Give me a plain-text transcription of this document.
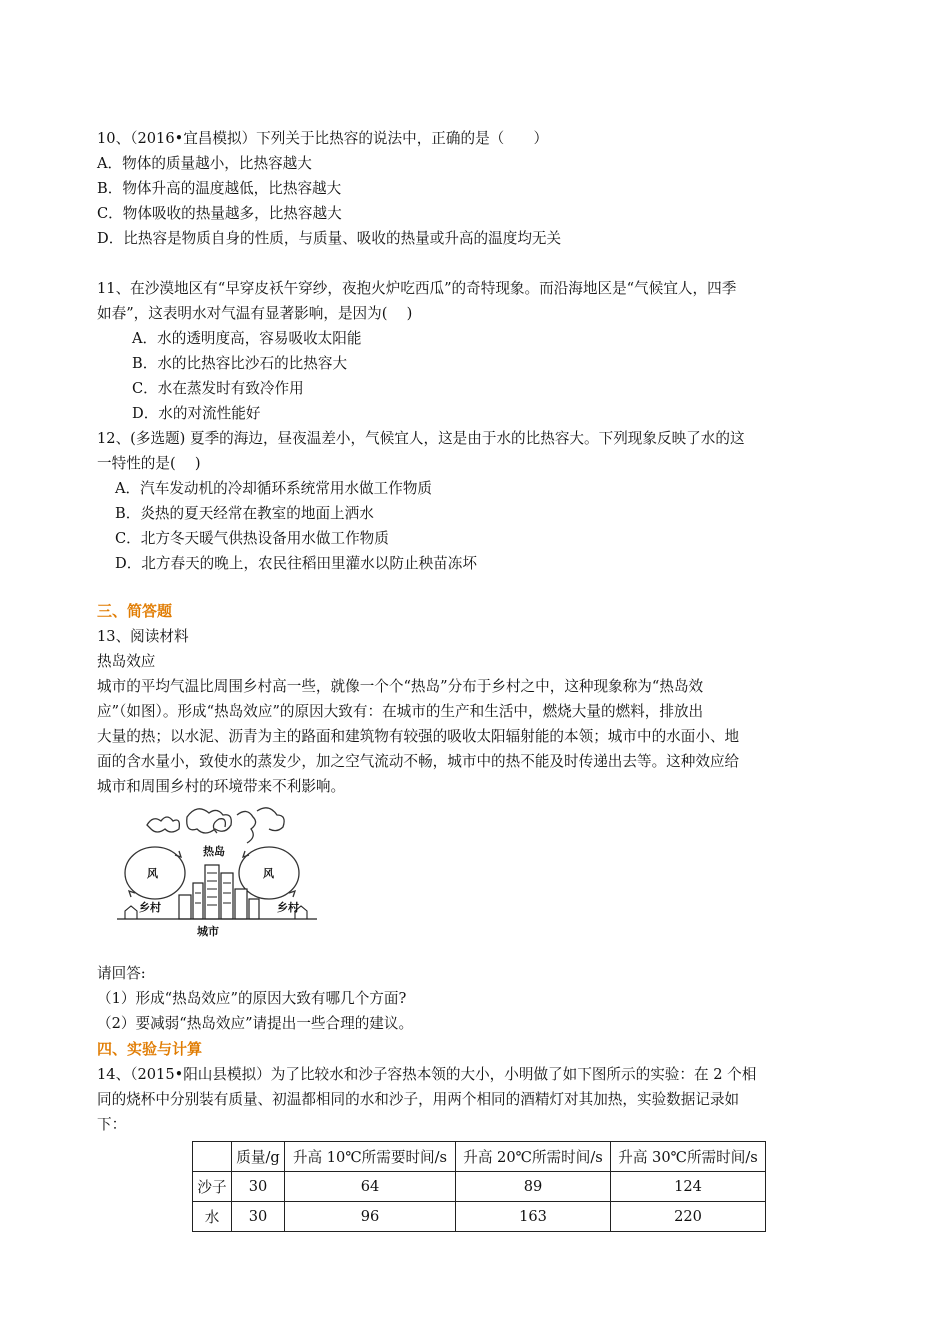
10、（2016•宜昌模拟）下列关于比热容的说法中，正确的是（　　）
A．物体的质量越小，比热容越大
B．物体升高的温度越低，比热容越大
C．物体吸收的热量越多，比热容越大
D．比热容是物质自身的性质，与质量、吸收的热量或升高的温度均无关
11、在沙漠地区有“早穿皮袄午穿纱，夜抱火炉吃西瓜”的奇特现象。而沿海地区是“气候宜人，四季
如春”，这表明水对气温有显著影响，是因为(　 )
A．水的透明度高，容易吸收太阳能
B．水的比热容比沙石的比热容大
C．水在蒸发时有致冷作用
D．水的对流性能好
12、(多选题) 夏季的海边，昼夜温差小，气候宜人，这是由于水的比热容大。下列现象反映了水的这
一特性的是(　 )
A．汽车发动机的冷却循环系统常用水做工作物质
B．炎热的夏天经常在教室的地面上洒水
C．北方冬天暖气供热设备用水做工作物质
D．北方春天的晚上，农民往稻田里灌水以防止秧苗冻坏
三、简答题
13、阅读材料
热岛效应
城市的平均气温比周围乡村高一些，就像一个个“热岛”分布于乡村之中，这种现象称为“热岛效
应”（如图）。形成“热岛效应”的原因大致有：在城市的生产和生活中，燃烧大量的燃料，排放出
大量的热；以水泥、沥青为主的路面和建筑物有较强的吸收太阳辐射能的本领；城市中的水面小、地
面的含水量小，致使水的蒸发少，加之空气流动不畅，城市中的热不能及时传递出去等。这种效应给
城市和周围乡村的环境带来不利影响。
热岛
风	风
乡村	乡村
城市
请回答:
（1）形成“热岛效应”的原因大致有哪几个方面?
（2）要减弱“热岛效应”请提出一些合理的建议。
四、实验与计算
14、（2015•阳山县模拟）为了比较水和沙子容热本领的大小，小明做了如下图所示的实验：在 2 个相
同的烧杯中分别装有质量、初温都相同的水和沙子，用两个相同的酒精灯对其加热，实验数据记录如
下：
	质量/g	升高 10℃所需要时间/s	升高 20℃所需时间/s	升高 30℃所需时间/s
沙子	30	64	89	124
水	30	96	163	220
